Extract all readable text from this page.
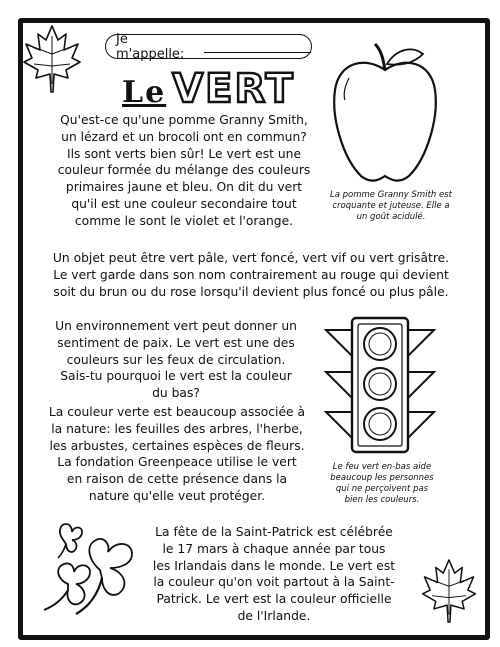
Je m'appelle:
Le VERT

La pomme Granny Smith est croquante et juteuse. Elle a un goût acidulé.

Qu'est-ce qu'une pomme Granny Smith, un lézard et un brocoli ont en commun? Ils sont verts bien sûr! Le vert est une couleur formée du mélange des couleurs primaires jaune et bleu. On dit du vert qu'il est une couleur secondaire tout comme le sont le violet et l'orange.

Un objet peut être vert pâle, vert foncé, vert vif ou vert grisâtre. Le vert garde dans son nom contrairement au rouge qui devient soit du brun ou du rose lorsqu'il devient plus foncé ou plus pâle.

Un environnement vert peut donner un sentiment de paix. Le vert est une des couleurs sur les feux de circulation. Sais-tu pourquoi le vert est la couleur du bas?

La couleur verte est beaucoup associée à la nature: les feuilles des arbres, l'herbe, les arbustes, certaines espèces de fleurs. La fondation Greenpeace utilise le vert en raison de cette présence dans la nature qu'elle veut protéger.

Le feu vert en-bas aide beaucoup les personnes qui ne perçoivent pas bien les couleurs.

La fête de la Saint-Patrick est célébrée le 17 mars à chaque année par tous les Irlandais dans le monde. Le vert est la couleur qu'on voit partout à la Saint-Patrick. Le vert est la couleur officielle de l'Irlande.
